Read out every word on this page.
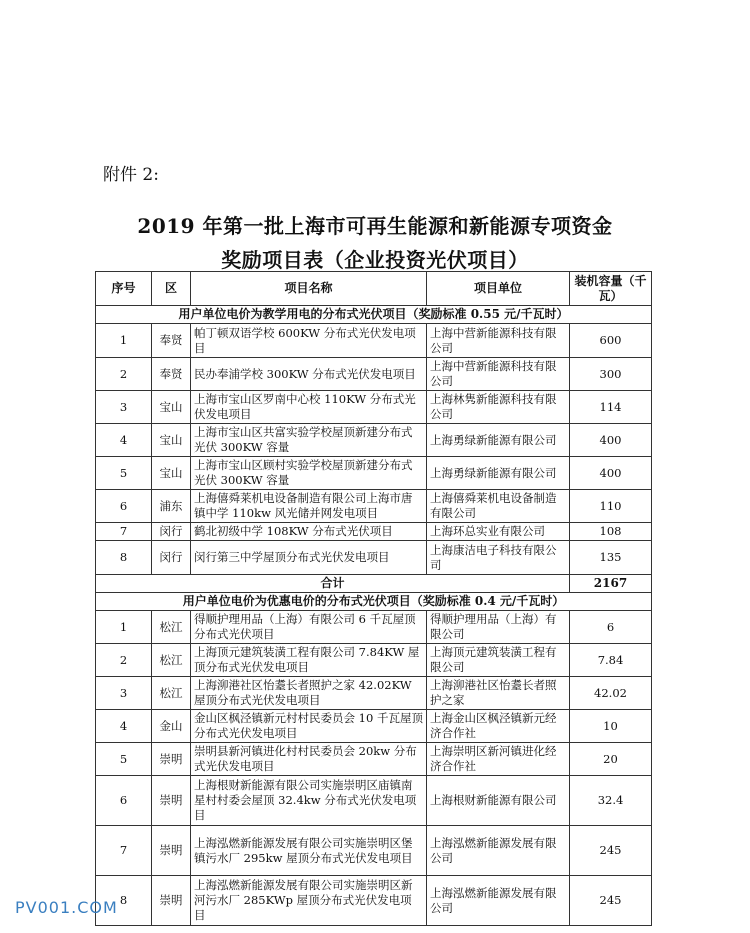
附件 2:
2019 年第一批上海市可再生能源和新能源专项资金
奖励项目表（企业投资光伏项目）
序号	区	项目名称	项目单位	装机容量（千瓦）
用户单位电价为教学用电的分布式光伏项目（奖励标准 0.55 元/千瓦时）				
1	奉贤	帕丁顿双语学校 600KW 分布式光伏发电项目	上海中营新能源科技有限公司	600
2	奉贤	民办奉浦学校 300KW 分布式光伏发电项目	上海中营新能源科技有限公司	300
3	宝山	上海市宝山区罗南中心校 110KW 分布式光伏发电项目	上海林隽新能源科技有限公司	114
4	宝山	上海市宝山区共富实验学校屋顶新建分布式光伏 300KW 容量	上海勇绿新能源有限公司	400
5	宝山	上海市宝山区顾村实验学校屋顶新建分布式光伏 300KW 容量	上海勇绿新能源有限公司	400
6	浦东	上海僖舜莱机电设备制造有限公司上海市唐镇中学 110kw 风光储并网发电项目	上海僖舜莱机电设备制造有限公司	110
7	闵行	鹤北初级中学 108KW 分布式光伏项目	上海环总实业有限公司	108
8	闵行	闵行第三中学屋顶分布式光伏发电项目	上海康洁电子科技有限公司	135
合计				2167
用户单位电价为优惠电价的分布式光伏项目（奖励标准 0.4 元/千瓦时）				
1	松江	得顺护理用品（上海）有限公司 6 千瓦屋顶分布式光伏项目	得顺护理用品（上海）有限公司	6
2	松江	上海顶元建筑装潢工程有限公司 7.84KW 屋顶分布式光伏发电项目	上海顶元建筑装潢工程有限公司	7.84
3	松江	上海泖港社区怡耋长者照护之家 42.02KW 屋顶分布式光伏发电项目	上海泖港社区怡耋长者照护之家	42.02
4	金山	金山区枫泾镇新元村村民委员会 10 千瓦屋顶分布式光伏发电项目	上海金山区枫泾镇新元经济合作社	10
5	崇明	崇明县新河镇进化村村民委员会 20kw 分布式光伏发电项目	上海崇明区新河镇进化经济合作社	20
6	崇明	上海根财新能源有限公司实施崇明区庙镇南星村村委会屋顶 32.4kw 分布式光伏发电项目	上海根财新能源有限公司	32.4
7	崇明	上海泓燃新能源发展有限公司实施崇明区堡镇污水厂 295kw 屋顶分布式光伏发电项目	上海泓燃新能源发展有限公司	245
8	崇明	上海泓燃新能源发展有限公司实施崇明区新河污水厂 285KWp 屋顶分布式光伏发电项目	上海泓燃新能源发展有限公司	245
PV001.COM
